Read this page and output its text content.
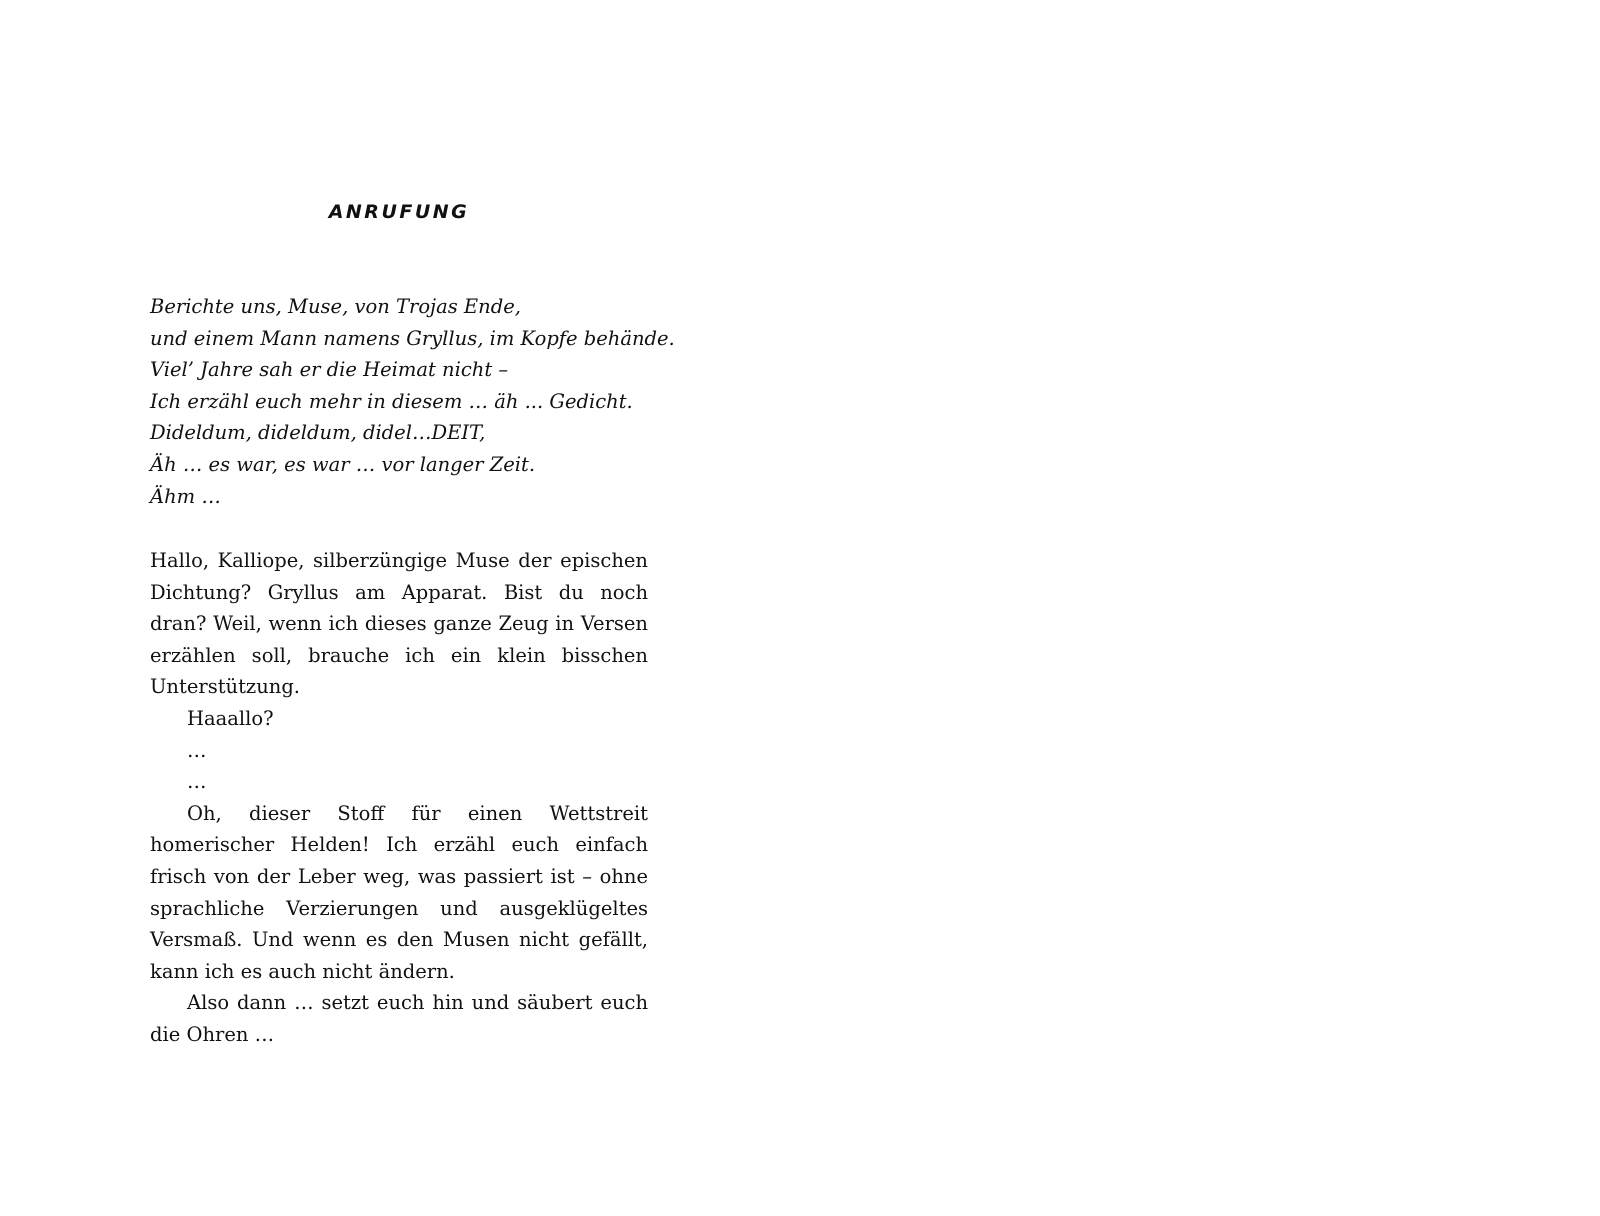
ANRUFUNG
Berichte uns, Muse, von Trojas Ende,
und einem Mann namens Gryllus, im Kopfe behände.
Viel’ Jahre sah er die Heimat nicht –
Ich erzähl euch mehr in diesem … äh ... Gedicht.
Dideldum, dideldum, didel…DEIT,
Äh … es war, es war … vor langer Zeit.
Ähm …

Hallo, Kalliope, silberzüngige Muse der epischen Dichtung? Gryllus am Apparat. Bist du noch dran? Weil, wenn ich dieses ganze Zeug in Versen erzählen soll, brauche ich ein klein bisschen Unterstützung.

Haaallo?

…

…

Oh, dieser Stoff für einen Wettstreit homerischer Helden! Ich erzähl euch einfach frisch von der Leber weg, was passiert ist – ohne sprachliche Verzierungen und ausgeklügeltes Versmaß. Und wenn es den Musen nicht gefällt, kann ich es auch nicht ändern.

Also dann … setzt euch hin und säubert euch die Ohren …
